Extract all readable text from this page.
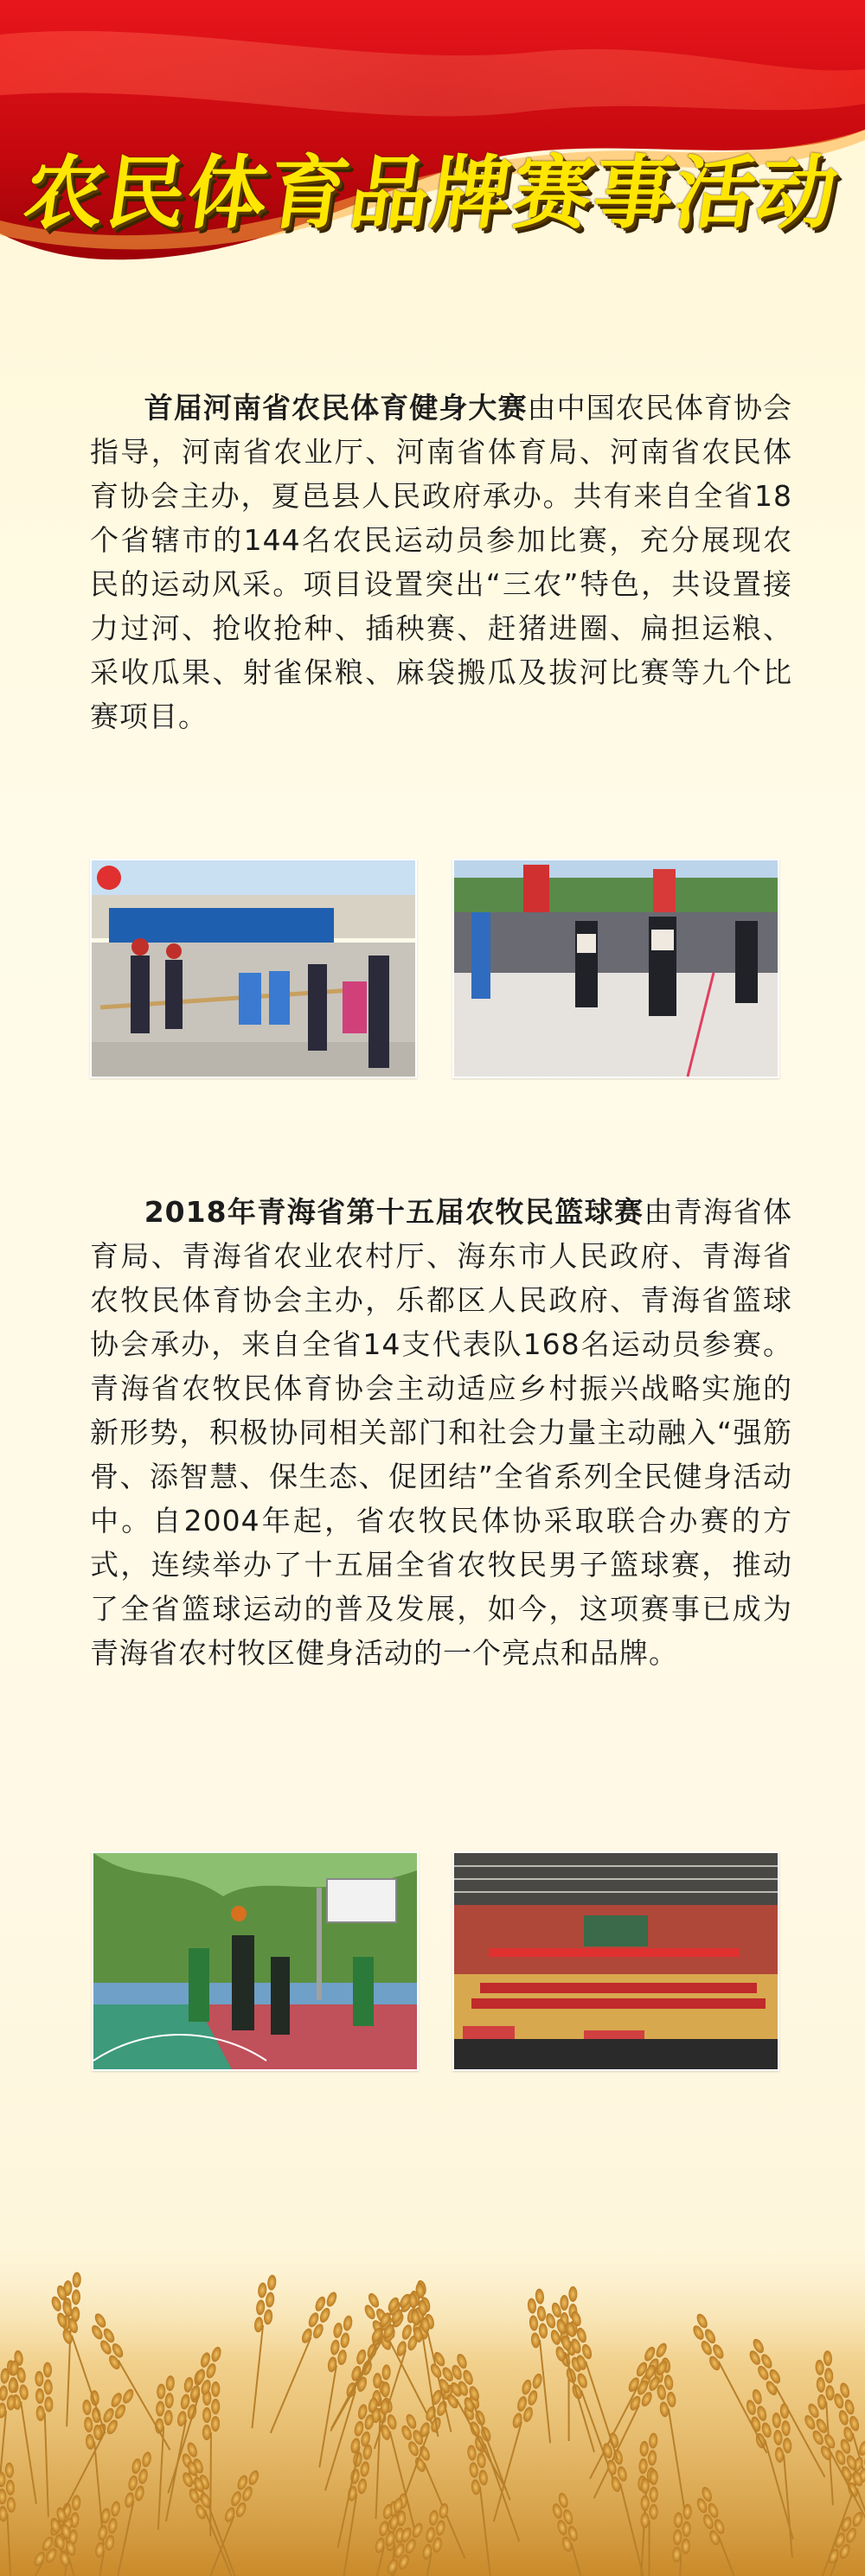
农民体育品牌赛事活动

首届河南省农民体育健身大赛由中国农民体育协会指导，河南省农业厅、河南省体育局、河南省农民体育协会主办，夏邑县人民政府承办。共有来自全省18个省辖市的144名农民运动员参加比赛，充分展现农民的运动风采。项目设置突出“三农”特色，共设置接力过河、抢收抢种、插秧赛、赶猪进圈、扁担运粮、采收瓜果、射雀保粮、麻袋搬瓜及拔河比赛等九个比赛项目。

2018年青海省第十五届农牧民篮球赛由青海省体育局、青海省农业农村厅、海东市人民政府、青海省农牧民体育协会主办，乐都区人民政府、青海省篮球协会承办，来自全省14支代表队168名运动员参赛。青海省农牧民体育协会主动适应乡村振兴战略实施的新形势，积极协同相关部门和社会力量主动融入“强筋骨、添智慧、保生态、促团结”全省系列全民健身活动中。自2004年起，省农牧民体协采取联合办赛的方式，连续举办了十五届全省农牧民男子篮球赛，推动了全省篮球运动的普及发展，如今，这项赛事已成为青海省农村牧区健身活动的一个亮点和品牌。
